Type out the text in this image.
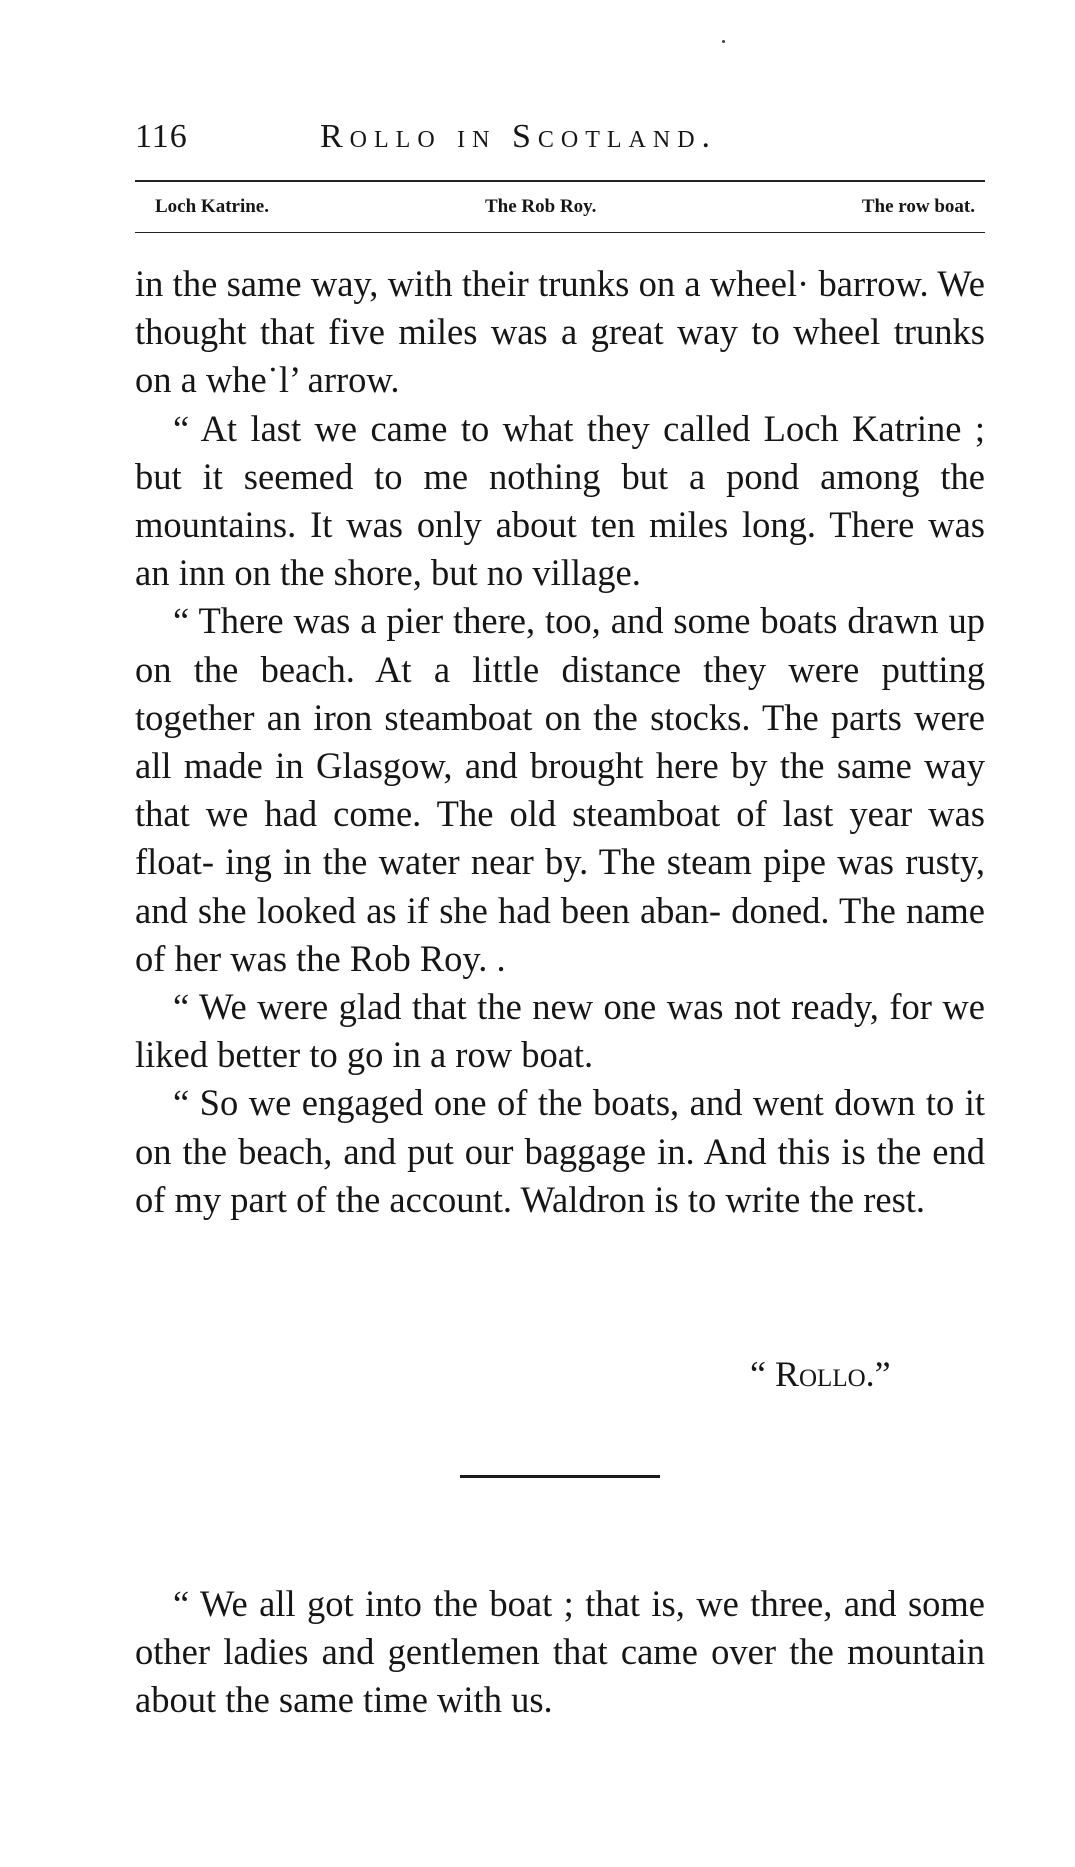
116	Rollo in Scotland.
Loch Katrine.	The Rob Roy.	The row boat.

in the same way, with their trunks on a wheel· barrow. We thought that five miles was a great way to wheel trunks on a whe˙l’ arrow.

“ At last we came to what they called Loch Katrine ; but it seemed to me nothing but a pond among the mountains. It was only about ten miles long. There was an inn on the shore, but no village.

“ There was a pier there, too, and some boats drawn up on the beach. At a little distance they were putting together an iron steamboat on the stocks. The parts were all made in Glasgow, and brought here by the same way that we had come. The old steamboat of last year was float- ing in the water near by. The steam pipe was rusty, and she looked as if she had been aban- doned. The name of her was the Rob Roy. .

“ We were glad that the new one was not ready, for we liked better to go in a row boat.

“ So we engaged one of the boats, and went down to it on the beach, and put our baggage in. And this is the end of my part of the account. Waldron is to write the rest.

“ Rollo.”

“ We all got into the boat ; that is, we three, and some other ladies and gentlemen that came over the mountain about the same time with us.
